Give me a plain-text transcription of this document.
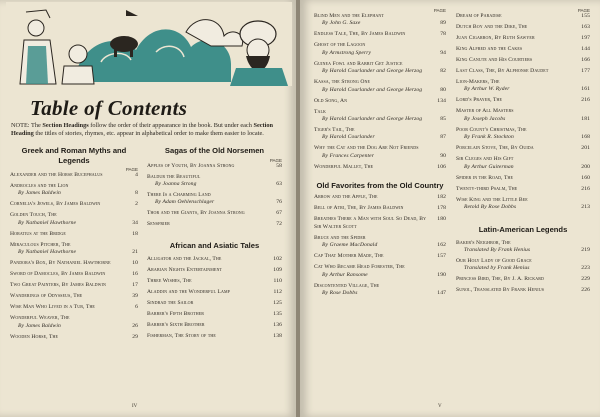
Table of Contents
NOTE: The Section Headings follow the order of their appearance in the book. But under each Section Heading the titles of stories, rhymes, etc. appear in alphabetical order to make them easier to locate.
Greek and Roman Myths and Legends
PAGE
Alexander and the Horse Bucephalus	4
Androcles and the Lion
By James Baldwin	8
Cornelia's Jewels, By James Baldwin	2
Golden Touch, The
By Nathaniel Hawthorne	34
Horatius at the Bridge	18
Miraculous Pitcher, The
By Nathaniel Hawthorne	21
Pandora's Box, By Nathaniel Hawthorne	10
Sword of Damocles, By James Baldwin	16
Two Great Painters, By James Baldwin	17
Wanderings of Odysseus, The	39
Wise Man Who Lived in a Tub, The	6
Wonderful Weaver, The
By James Baldwin	26
Wooden Horse, The	29
Sagas of the Old Norsemen
PAGE
Apples of Youth, By Joanna Strong	58
Baldur the Beautiful
By Joanna Strong	63
There Is a Charming Land
By Adam Oehlenschlager	76
Thor and the Giants, By Joanna Strong	67
Sensfrier	72
African and Asiatic Tales
Alligator and the Jackal, The	102
Arabian Nights Entertainment	109
Three Wishes, The	110
Aladdin and the Wonderful Lamp	112
Sindbad the Sailor	125
Barber's Fifth Brother	135
Barber's Sixth Brother	136
Fisherman, The Story of the	138
IV
PAGE
Blind Men and the Elephant
By John G. Saxe	89
Endless Tale, The, By James Baldwin	78
Ghost of the Lagoon
By Armstrong Sperry	94
Guinea Fowl and Rabbit Get Justice
By Harold Courlander and George Herzog	82
Kassa, the Strong One
By Harold Courlander and George Herzog	80
Old Song, An	134
Talk
By Harold Courlander and George Herzog	85
Tiger's Tail, The
By Harold Courlander	87
Why the Cat and the Dog Are Not Friends
By Frances Carpenter	90
Wonderful Mallet, The	106
Old Favorites from the Old Country
Arrow and the Apple, The	182
Bell of Atri, The, By James Baldwin	178
Breathes There a Man with Soul So Dead, By Sir Walter Scott
180
Bruce and the Spider
By Graeme MacDonald	162
Cap That Mother Made, The	157
Cat Who Became Head Forester, The
By Arthur Ransome	190
Discontented Village, The
By Rose Dobbs	147
PAGE
Dream of Paradise	155
Dutch Boy and the Dike, The	163
Juan Cigarron, By Ruth Sawyer	197
King Alfred and the Cakes	144
King Canute and His Courtiers	166
Last Class, The, By Alphonse Daudet	177
Lion-Makers, The
By Arthur W. Ryder	161
Lord's Prayer, The	216
Master of All Masters
By Joseph Jacobs	181
Poor Count's Christmas, The
By Frank R. Stockton	168
Porcelain Stove, The, By Ouida	201
Sir Cleges and His Gift
By Arthur Guiterman	200
Spider in the Road, The	160
Twenty-third Psalm, The	216
Wise King and the Little Bee
Retold By Rose Dobbs	213
Latin-American Legends
Baker's Neighbor, The
Translated By Frank Henius	219
Our Holy Lady of Good Grace
Translated by Frank Henius	223
Princess Bird, The, By J. A. Rickard	229
Sunol, Translated By Frank Henius	226
V
